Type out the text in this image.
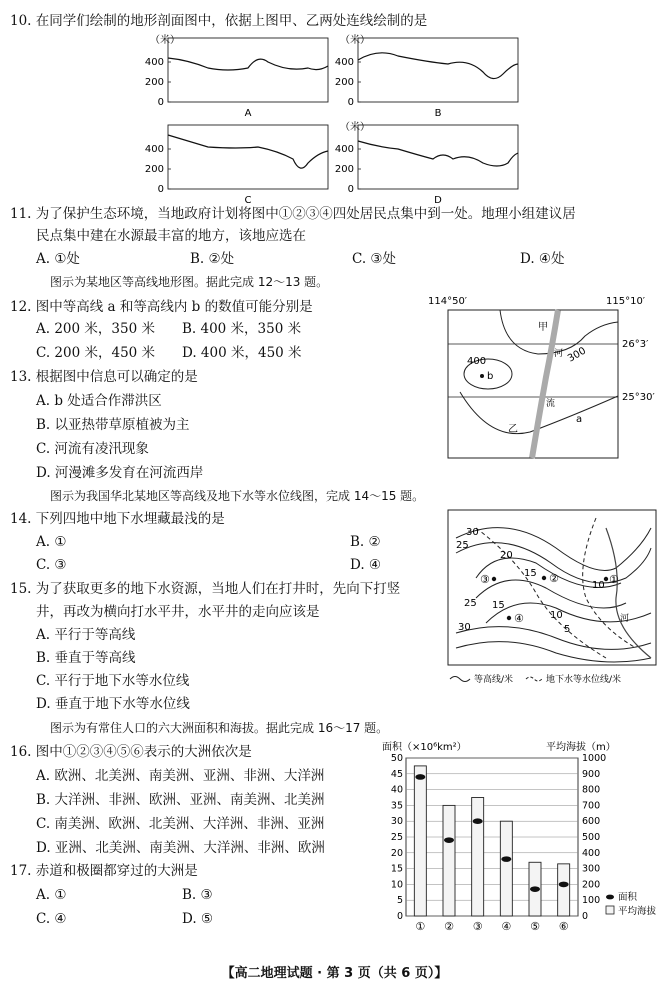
10. 在同学们绘制的地形剖面图中，依据上图甲、乙两处连线绘制的是
（米）
400
200
0
A
（米）
400
200
0
B
400
200
0
C
（米）
400
200
0
D
11. 为了保护生态环境，当地政府计划将图中①②③④四处居民点集中到一处。地理小组建议居
民点集中建在水源最丰富的地方，该地应选在
A. ①处	B. ②处	C. ③处	D. ④处
图示为某地区等高线地形图。据此完成 12～13 题。
12. 图中等高线 a 和等高线内 b 的数值可能分别是
A. 200 米，350 米 B. 400 米，350 米
C. 200 米，450 米 D. 400 米，450 米
13. 根据图中信息可以确定的是
A. b 处适合作滞洪区
B. 以亚热带草原植被为主
C. 河流有凌汛现象
D. 河漫滩多发育在河流西岸
114°50′	115°10′
26°3′
25°30′
甲
河 300
400
b
流
乙
a
图示为我国华北某地区等高线及地下水等水位线图，完成 14～15 题。
14. 下列四地中地下水埋藏最浅的是
A. ①	B. ②
C. ③	D. ④
15. 为了获取更多的地下水资源，当地人们在打井时，先向下打竖
井，再改为横向打水平井，水平井的走向应该是
A. 平行于等高线
B. 垂直于等高线
C. 平行于地下水等水位线
D. 垂直于地下水等水位线
30
25
20
15
10
25
30
15
10
5
③	②
④
①
河
等高线/米	地下水等水位线/米
图示为有常住人口的六大洲面积和海拔。据此完成 16～17 题。
16. 图中①②③④⑤⑥表示的大洲依次是
A. 欧洲、北美洲、南美洲、亚洲、非洲、大洋洲
B. 大洋洲、非洲、欧洲、亚洲、南美洲、北美洲
C. 南美洲、欧洲、北美洲、大洋洲、非洲、亚洲
D. 亚洲、北美洲、南美洲、大洋洲、非洲、欧洲
17. 赤道和极圈都穿过的大洲是
A. ①	B. ③
C. ④	D. ⑤
面积（×10⁶km²）	平均海拔（m）
50	1000
45	900
40	800
35	700
30	600
25	500
20	400
15	300
10	200
5	100
0	0
① ② ③ ④ ⑤ ⑥
面积
平均海拔
【高二地理试题 · 第 3 页（共 6 页）】
